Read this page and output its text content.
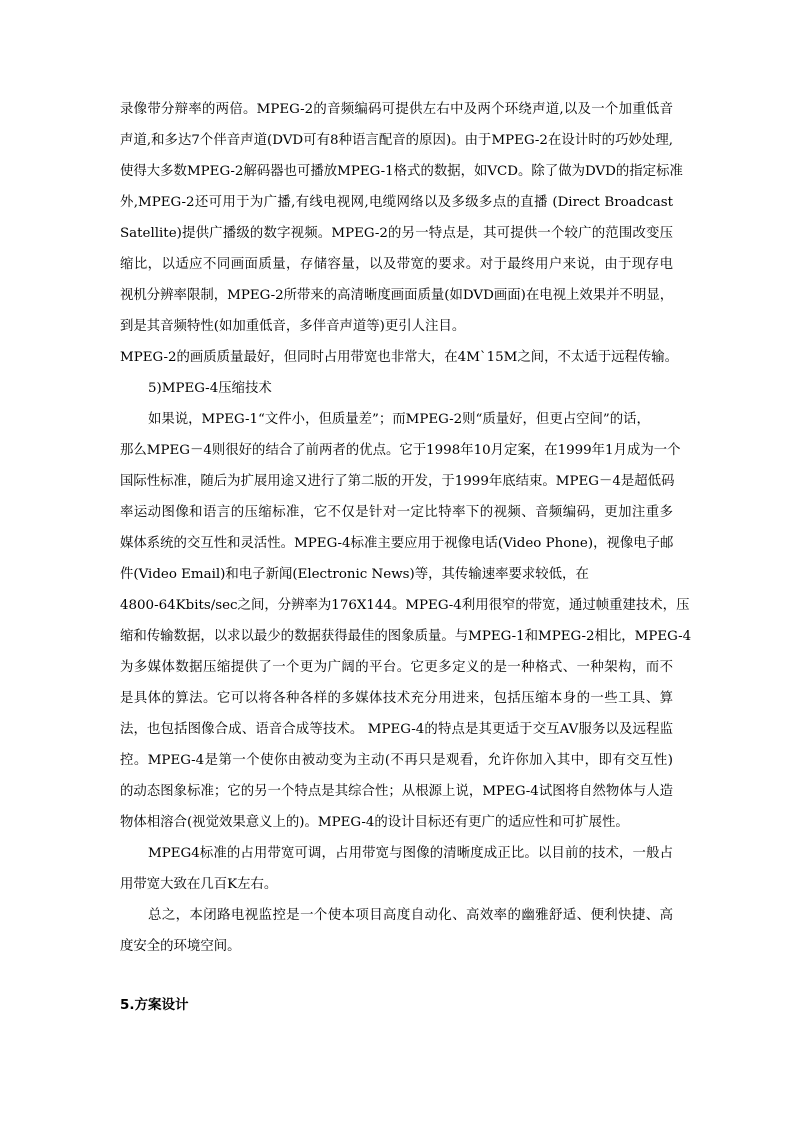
录像带分辩率的两倍。MPEG-2的音频编码可提供左右中及两个环绕声道,以及一个加重低音
声道,和多达7个伴音声道(DVD可有8种语言配音的原因)。由于MPEG-2在设计时的巧妙处理,
使得大多数MPEG-2解码器也可播放MPEG-1格式的数据，如VCD。除了做为DVD的指定标准
外,MPEG-2还可用于为广播,有线电视网,电缆网络以及多级多点的直播 (Direct Broadcast
Satellite)提供广播级的数字视频。MPEG-2的另一特点是，其可提供一个较广的范围改变压
缩比，以适应不同画面质量，存储容量，以及带宽的要求。对于最终用户来说，由于现存电
视机分辨率限制，MPEG-2所带来的高清晰度画面质量(如DVD画面)在电视上效果并不明显，
到是其音频特性(如加重低音，多伴音声道等)更引人注目。
MPEG-2的画质质量最好，但同时占用带宽也非常大，在4M`15M之间，不太适于远程传输。
5)MPEG-4压缩技术
如果说，MPEG-1“文件小，但质量差”；而MPEG-2则“质量好，但更占空间”的话，
那么MPEG－4则很好的结合了前两者的优点。它于1998年10月定案，在1999年1月成为一个
国际性标准，随后为扩展用途又进行了第二版的开发，于1999年底结束。MPEG－4是超低码
率运动图像和语言的压缩标准，它不仅是针对一定比特率下的视频、音频编码，更加注重多
媒体系统的交互性和灵活性。MPEG-4标准主要应用于视像电话(Video Phone)，视像电子邮
件(Video Email)和电子新闻(Electronic News)等，其传输速率要求较低，在
4800-64Kbits/sec之间，分辨率为176X144。MPEG-4利用很窄的带宽，通过帧重建技术，压
缩和传输数据，以求以最少的数据获得最佳的图象质量。与MPEG-1和MPEG-2相比，MPEG-4
为多媒体数据压缩提供了一个更为广阔的平台。它更多定义的是一种格式、一种架构，而不
是具体的算法。它可以将各种各样的多媒体技术充分用进来，包括压缩本身的一些工具、算
法，也包括图像合成、语音合成等技术。 MPEG-4的特点是其更适于交互AV服务以及远程监
控。MPEG-4是第一个使你由被动变为主动(不再只是观看，允许你加入其中，即有交互性)
的动态图象标准；它的另一个特点是其综合性；从根源上说，MPEG-4试图将自然物体与人造
物体相溶合(视觉效果意义上的)。MPEG-4的设计目标还有更广的适应性和可扩展性。
MPEG4标准的占用带宽可调，占用带宽与图像的清晰度成正比。以目前的技术，一般占
用带宽大致在几百K左右。
总之，本闭路电视监控是一个使本项目高度自动化、高效率的幽雅舒适、便利快捷、高
度安全的环境空间。
5.方案设计
